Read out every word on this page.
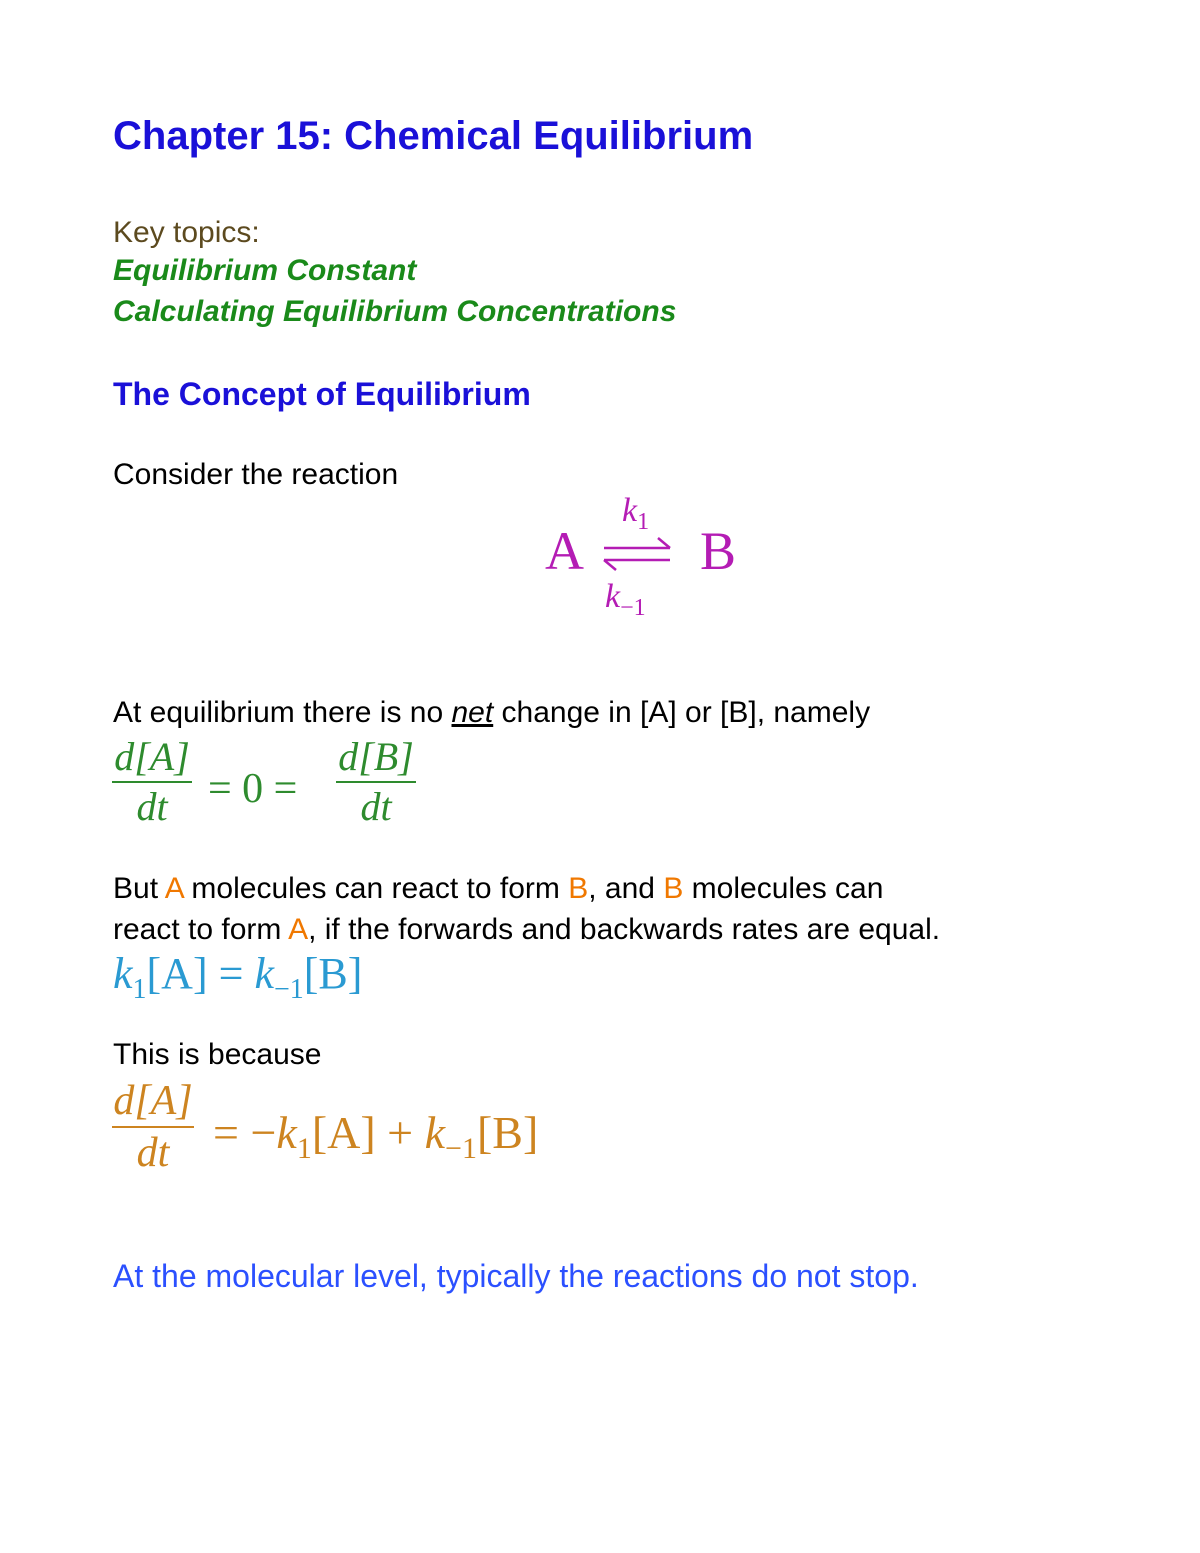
Chapter 15: Chemical Equilibrium
Key topics:
Equilibrium Constant
Calculating Equilibrium Concentrations
The Concept of Equilibrium
Consider the reaction
A
$k_1$
$k_{-1}$
B
At equilibrium there is no net change in [A] or [B], namely
d[A]
dt = 0 =
d[B]
dt
But A molecules can react to form B, and B molecules can
react to form A, if the forwards and backwards rates are equal.
$k_1[A] = k_{-1}[B]$
This is because
d[A]
dt = $-k_1[A] + k_{-1}[B]$
At the molecular level, typically the reactions do not stop.
